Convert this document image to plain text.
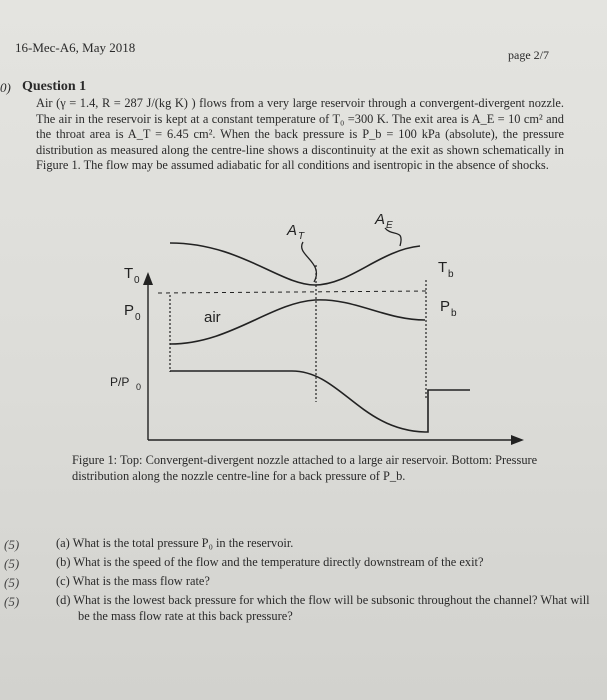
16-Mec-A6, May 2018	page 2/7
0) Question 1
Air (γ = 1.4, R = 287 J/(kg K) ) flows from a very large reservoir through a convergent-divergent nozzle. The air in the reservoir is kept at a constant temperature of T₀ =300 K. The exit area is A_E = 10 cm² and the throat area is A_T = 6.45 cm². When the back pressure is P_b = 100 kPa (absolute), the pressure distribution as measured along the centre-line shows a discontinuity at the exit as shown schematically in Figure 1. The flow may be assumed adiabatic for all conditions and isentropic in the absence of shocks.
A T
A E
T 0
P 0
T b
P b
air
P/P 0
Figure 1: Top: Convergent-divergent nozzle attached to a large air reservoir. Bottom: Pressure distribution along the nozzle centre-line for a back pressure of P_b.
(5)	(a) What is the total pressure P₀ in the reservoir.
(5)	(b) What is the speed of the flow and the temperature directly downstream of the exit?
(5)	(c) What is the mass flow rate?
(5)	(d) What is the lowest back pressure for which the flow will be subsonic throughout the channel? What will be the mass flow rate at this back pressure?
